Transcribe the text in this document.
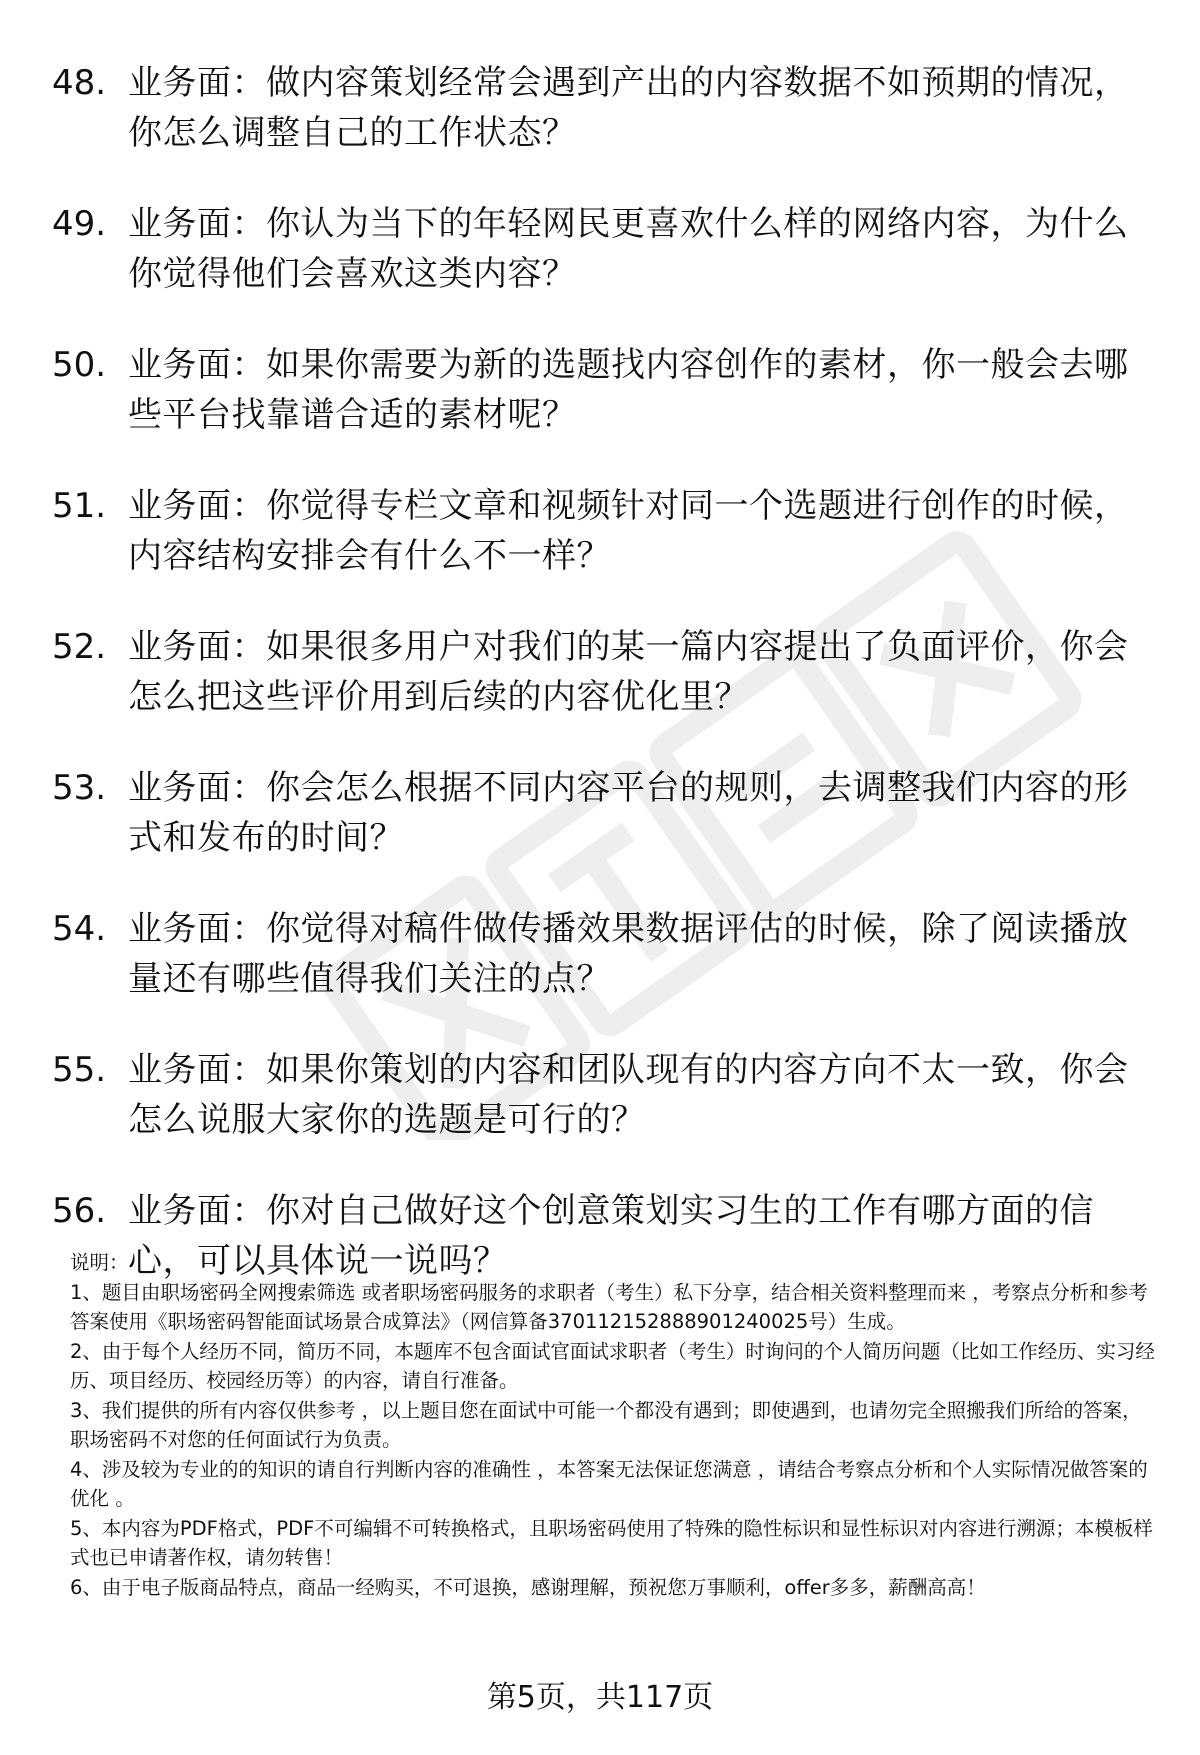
48. 业务面：做内容策划经常会遇到产出的内容数据不如预期的情况，你怎么调整自己的工作状态？
49. 业务面：你认为当下的年轻网民更喜欢什么样的网络内容，为什么你觉得他们会喜欢这类内容？
50. 业务面：如果你需要为新的选题找内容创作的素材，你一般会去哪些平台找靠谱合适的素材呢？
51. 业务面：你觉得专栏文章和视频针对同一个选题进行创作的时候，内容结构安排会有什么不一样？
52. 业务面：如果很多用户对我们的某一篇内容提出了负面评价，你会怎么把这些评价用到后续的内容优化里？
53. 业务面：你会怎么根据不同内容平台的规则，去调整我们内容的形式和发布的时间？
54. 业务面：你觉得对稿件做传播效果数据评估的时候，除了阅读播放量还有哪些值得我们关注的点？
55. 业务面：如果你策划的内容和团队现有的内容方向不太一致，你会怎么说服大家你的选题是可行的？
56. 业务面：你对自己做好这个创意策划实习生的工作有哪方面的信心，可以具体说一说吗？

说明：

1、题目由职场密码全网搜索筛选 或者职场密码服务的求职者（考生）私下分享，结合相关资料整理而来 ，考察点分析和参考答案使用《职场密码智能面试场景合成算法》（网信算备370112152888901240025号）生成。

2、由于每个人经历不同，简历不同，本题库不包含面试官面试求职者（考生）时询问的个人简历问题（比如工作经历、实习经历、项目经历、校园经历等）的内容，请自行准备。

3、我们提供的所有内容仅供参考 ，以上题目您在面试中可能一个都没有遇到；即使遇到，也请勿完全照搬我们所给的答案，职场密码不对您的任何面试行为负责。

4、涉及较为专业的的知识的请自行判断内容的准确性 ，本答案无法保证您满意 ，请结合考察点分析和个人实际情况做答案的优化 。

5、本内容为PDF格式，PDF不可编辑不可转换格式，且职场密码使用了特殊的隐性标识和显性标识对内容进行溯源；本模板样式也已申请著作权，请勿转售！

6、由于电子版商品特点，商品一经购买，不可退换，感谢理解，预祝您万事顺利，offer多多，薪酬高高！

第5页，共117页
